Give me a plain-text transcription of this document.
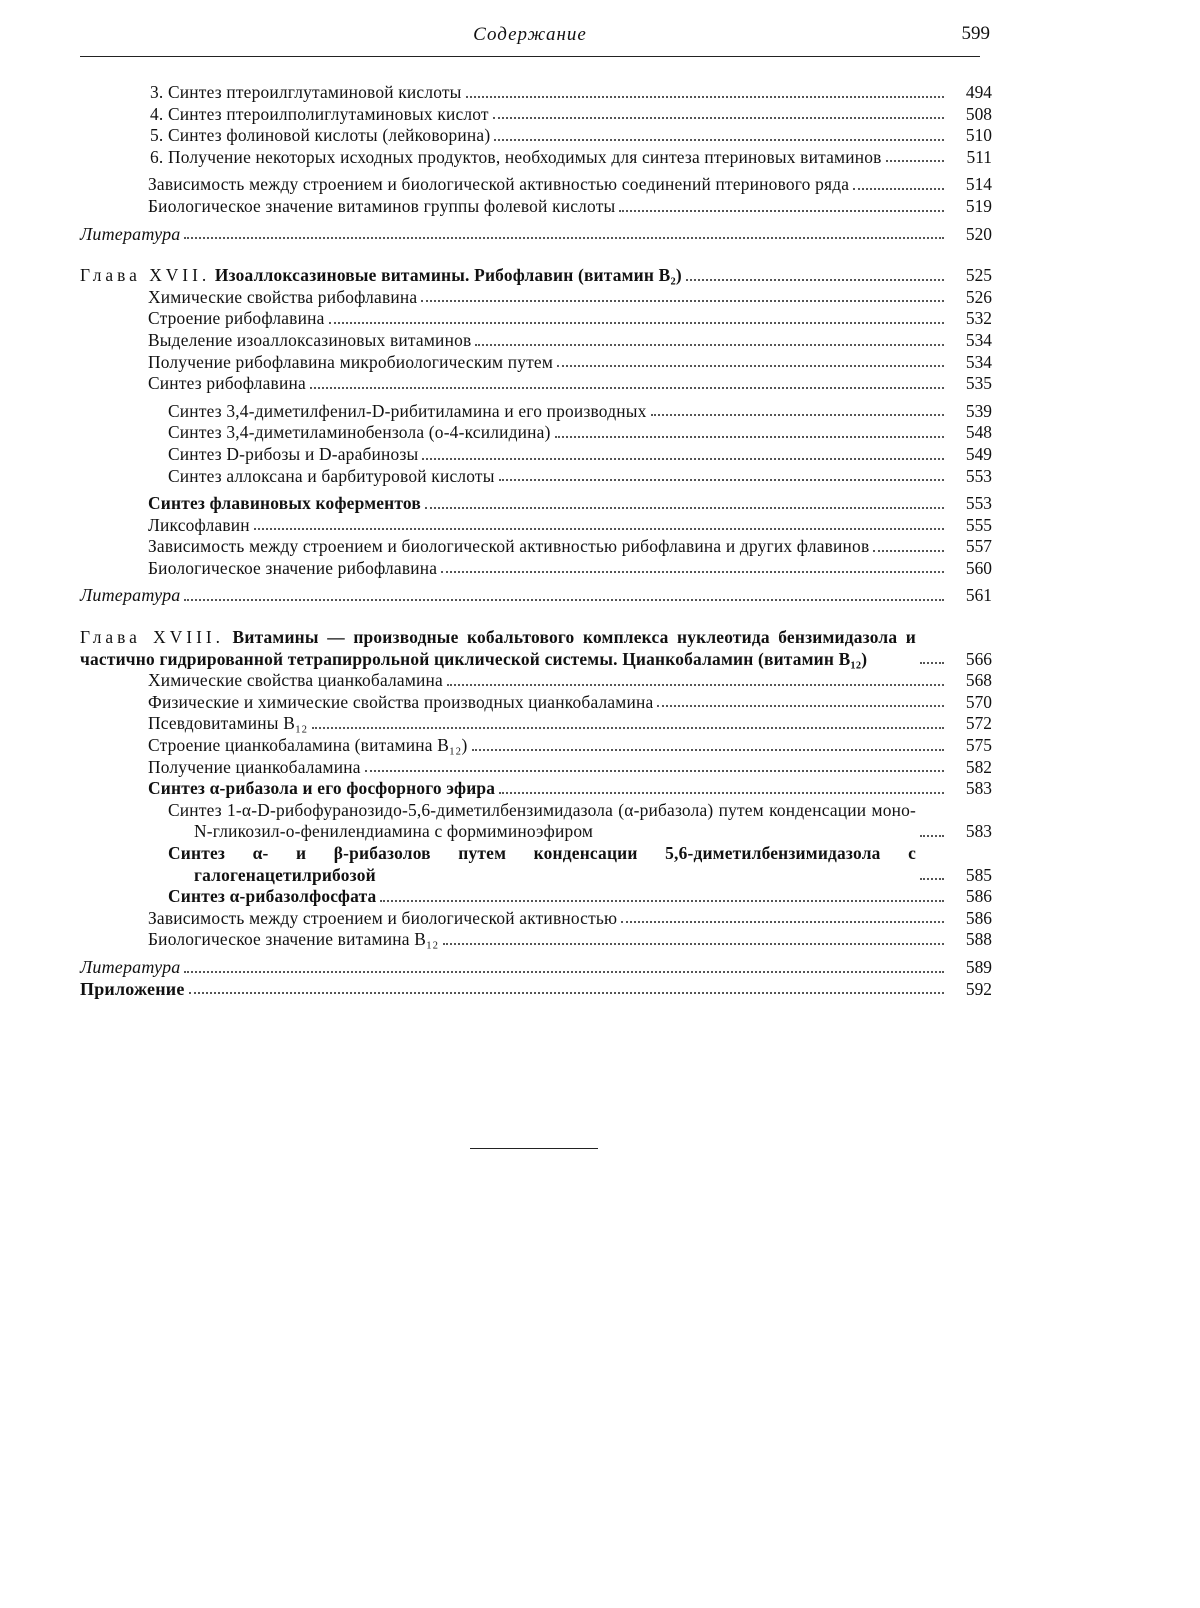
Содержание	599
3. Синтез птероилглутаминовой кислоты	494
4. Синтез птероилполиглутаминовых кислот	508
5. Синтез фолиновой кислоты (лейковорина)	510
6. Получение некоторых исходных продуктов, необходимых для синтеза птериновых витаминов	511
Зависимость между строением и биологической активностью соединений птеринового ряда	514
Биологическое значение витаминов группы фолевой кислоты	519
Литература	520
Глава XVII. Изоаллоксазиновые витамины. Рибофлавин (витамин B₂)	525
Химические свойства рибофлавина	526
Строение рибофлавина	532
Выделение изоаллоксазиновых витаминов	534
Получение рибофлавина микробиологическим путем	534
Синтез рибофлавина	535
Синтез 3,4-диметилфенил-D-рибитиламина и его производных	539
Синтез 3,4-диметиламинобензола (о-4-ксилидина)	548
Синтез D-рибозы и D-арабинозы	549
Синтез аллоксана и барбитуровой кислоты	553
Синтез флавиновых коферментов	553
Ликсофлавин	555
Зависимость между строением и биологической активностью рибофлавина и других флавинов	557
Биологическое значение рибофлавина	560
Литература	561
Глава XVIII. Витамины — производные кобальтового комплекса нуклеотида бензимидазола и частично гидрированной тетрапиррольной циклической системы. Цианкобаламин (витамин B₁₂)	566
Химические свойства цианкобаламина	568
Физические и химические свойства производных цианкобаламина	570
Псевдовитамины B₁₂	572
Строение цианкобаламина (витамина B₁₂)	575
Получение цианкобаламина	582
Синтез α-рибазола и его фосфорного эфира	583
Синтез 1-α-D-рибофуранозидо-5,6-диметилбензимидазола (α-рибазола) путем конденсации моно-N-гликозил-о-фенилендиамина с формиминоэфиром	583
Синтез α- и β-рибазолов путем конденсации 5,6-диметилбензимидазола с галогенацетилрибозой	585
Синтез α-рибазолфосфата	586
Зависимость между строением и биологической активностью	586
Биологическое значение витамина B₁₂	588
Литература	589
Приложение	592
